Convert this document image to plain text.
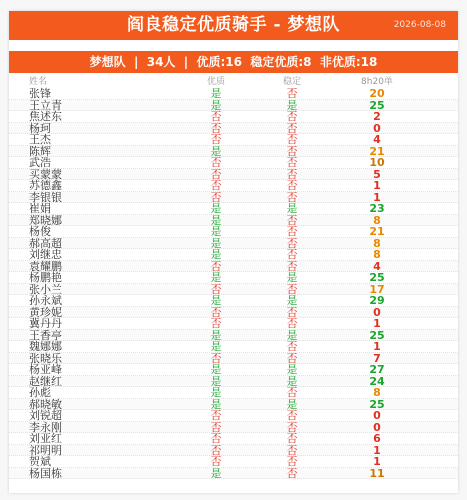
阎良稳定优质骑手 - 梦想队	2026-08-08
梦想队  |  34人  |  优质:16  稳定优质:8  非优质:18
姓名	优质	稳定	8h20单
张锋	是	否	20
王立青	是	是	25
焦述东	否	否	2
杨珂	否	否	0
王杰	否	否	4
陈辉	是	否	21
武浩	否	否	10
买蒙蒙	否	否	5
苏德鑫	否	否	1
李银银	否	否	1
崔娟	是	是	23
郑晓娜	是	否	8
杨俊	是	否	21
郝高超	是	否	8
刘继忠	是	否	8
袁耀鹏	否	否	4
杨鹏艳	是	是	25
张小兰	否	否	17
孙永斌	是	是	29
黄珍妮	否	否	0
冀丹丹	否	否	1
王香亭	是	是	25
魏娜娜	是	否	1
张晓乐	否	否	7
杨亚峰	是	是	27
赵继红	是	是	24
孙彪	是	否	8
郝晓敏	是	是	25
刘锐超	否	否	0
李永刚	否	否	0
刘亚红	否	否	6
祁明明	否	否	1
贺斌	否	否	1
杨国栋	是	否	11
